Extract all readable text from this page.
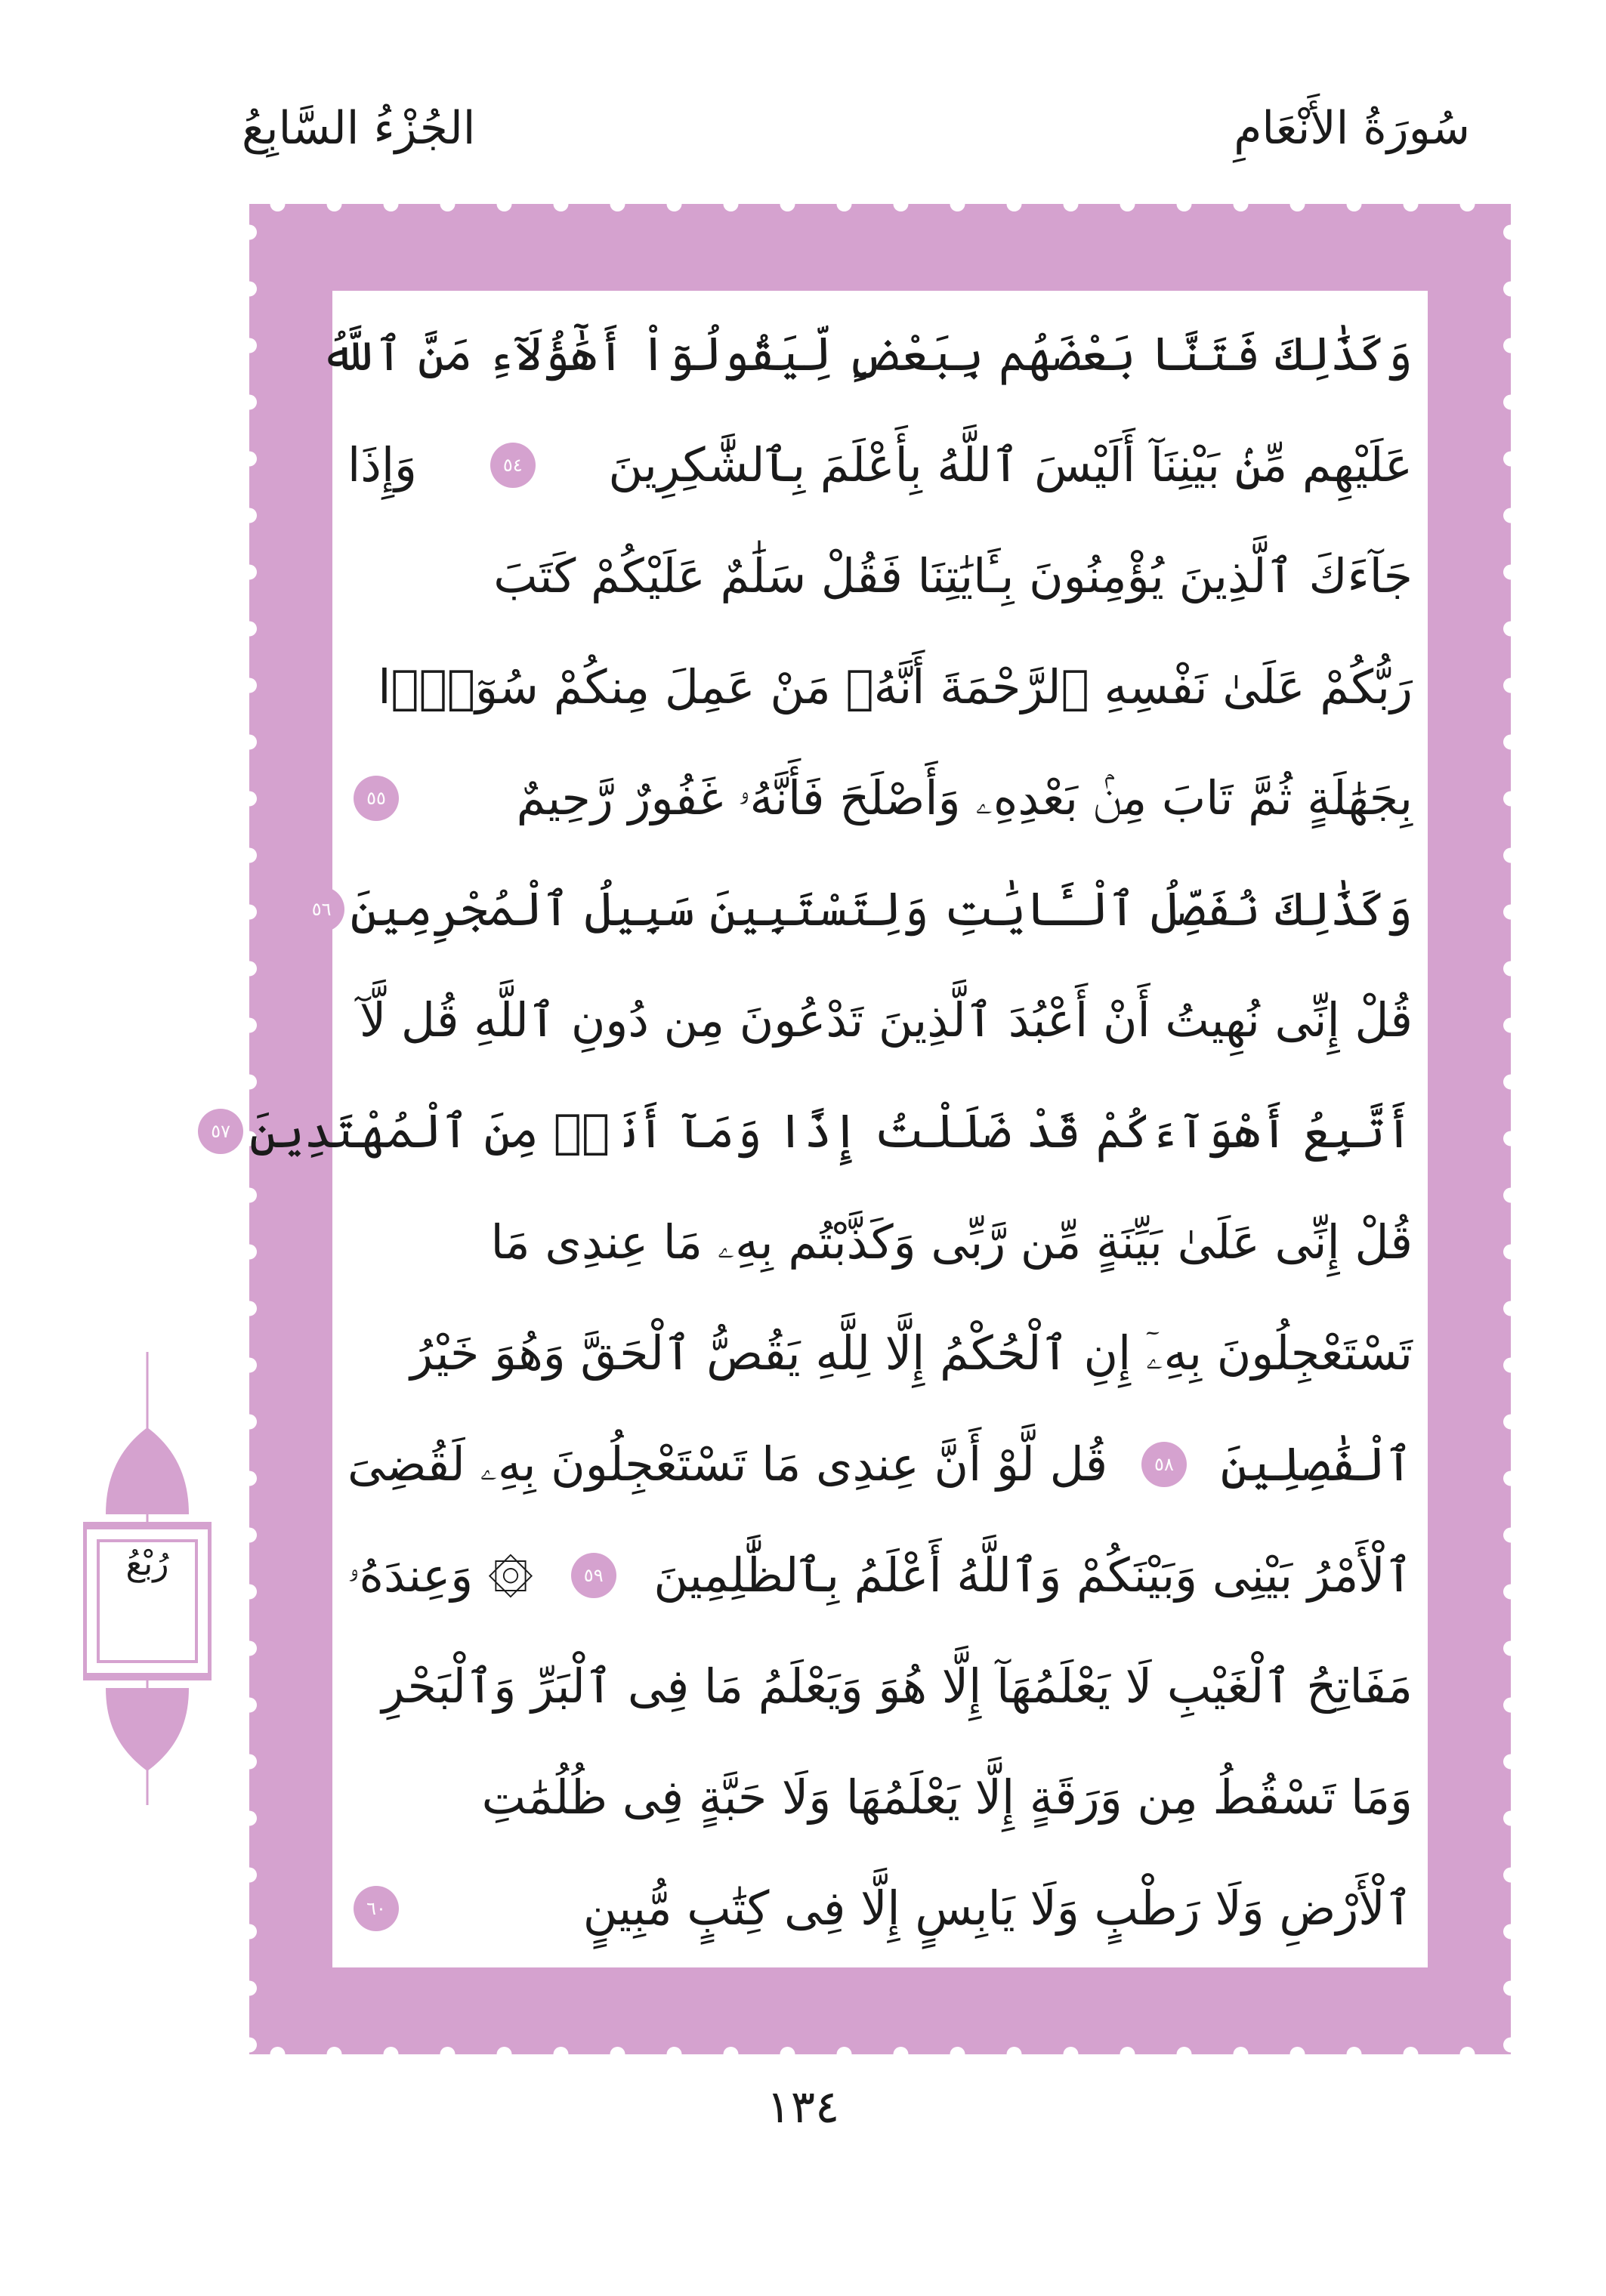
سُورَةُ الأَنْعَامِ
الجُزْءُ السَّابِعُ
وَكَذَٰلِكَ فَتَنَّا بَعْضَهُم بِبَعْضٍ لِّيَقُولُوٓاْ أَهَٰٓؤُلَآءِ مَنَّ ٱللَّهُ
عَلَيْهِم مِّنۢ بَيْنِنَآ أَلَيْسَ ٱللَّهُ بِأَعْلَمَ بِٱلشَّٰكِرِينَ
٥٤
وَإِذَا
جَآءَكَ ٱلَّذِينَ يُؤْمِنُونَ بِـَٔايَٰتِنَا فَقُلْ سَلَٰمٌ عَلَيْكُمْ كَتَبَ
رَبُّكُمْ عَلَىٰ نَفْسِهِ ٱلرَّحْمَةَ أَنَّهُۥ مَنْ عَمِلَ مِنكُمْ سُوٓءًۢا
بِجَهَٰلَةٍ ثُمَّ تَابَ مِنۢ بَعْدِهِۦ وَأَصْلَحَ فَأَنَّهُۥ غَفُورٌ رَّحِيمٌ
٥٥
وَكَذَٰلِكَ نُفَصِّلُ ٱلْـَٔايَٰتِ وَلِتَسْتَبِينَ سَبِيلُ ٱلْمُجْرِمِينَ
٥٦
قُلْ إِنِّى نُهِيتُ أَنْ أَعْبُدَ ٱلَّذِينَ تَدْعُونَ مِن دُونِ ٱللَّهِ قُل لَّآ
أَتَّبِعُ أَهْوَآءَكُمْ قَدْ ضَلَلْتُ إِذًا وَمَآ أَنَا۠ مِنَ ٱلْمُهْتَدِينَ
٥٧
قُلْ إِنِّى عَلَىٰ بَيِّنَةٍ مِّن رَّبِّى وَكَذَّبْتُم بِهِۦ مَا عِندِى مَا
تَسْتَعْجِلُونَ بِهِۦٓ إِنِ ٱلْحُكْمُ إِلَّا لِلَّهِ يَقُصُّ ٱلْحَقَّ وَهُوَ خَيْرُ
ٱلْفَٰصِلِينَ
٥٨
قُل لَّوْ أَنَّ عِندِى مَا تَسْتَعْجِلُونَ بِهِۦ لَقُضِىَ
ٱلْأَمْرُ بَيْنِى وَبَيْنَكُمْ وَٱللَّهُ أَعْلَمُ بِٱلظَّٰلِمِينَ
٥٩
۞ وَعِندَهُۥ
مَفَاتِحُ ٱلْغَيْبِ لَا يَعْلَمُهَآ إِلَّا هُوَ وَيَعْلَمُ مَا فِى ٱلْبَرِّ وَٱلْبَحْرِ
وَمَا تَسْقُطُ مِن وَرَقَةٍ إِلَّا يَعْلَمُهَا وَلَا حَبَّةٍ فِى ظُلُمَٰتِ
ٱلْأَرْضِ وَلَا رَطْبٍ وَلَا يَابِسٍ إِلَّا فِى كِتَٰبٍ مُّبِينٍ
٦٠
١٣٤
رُبْعُ
